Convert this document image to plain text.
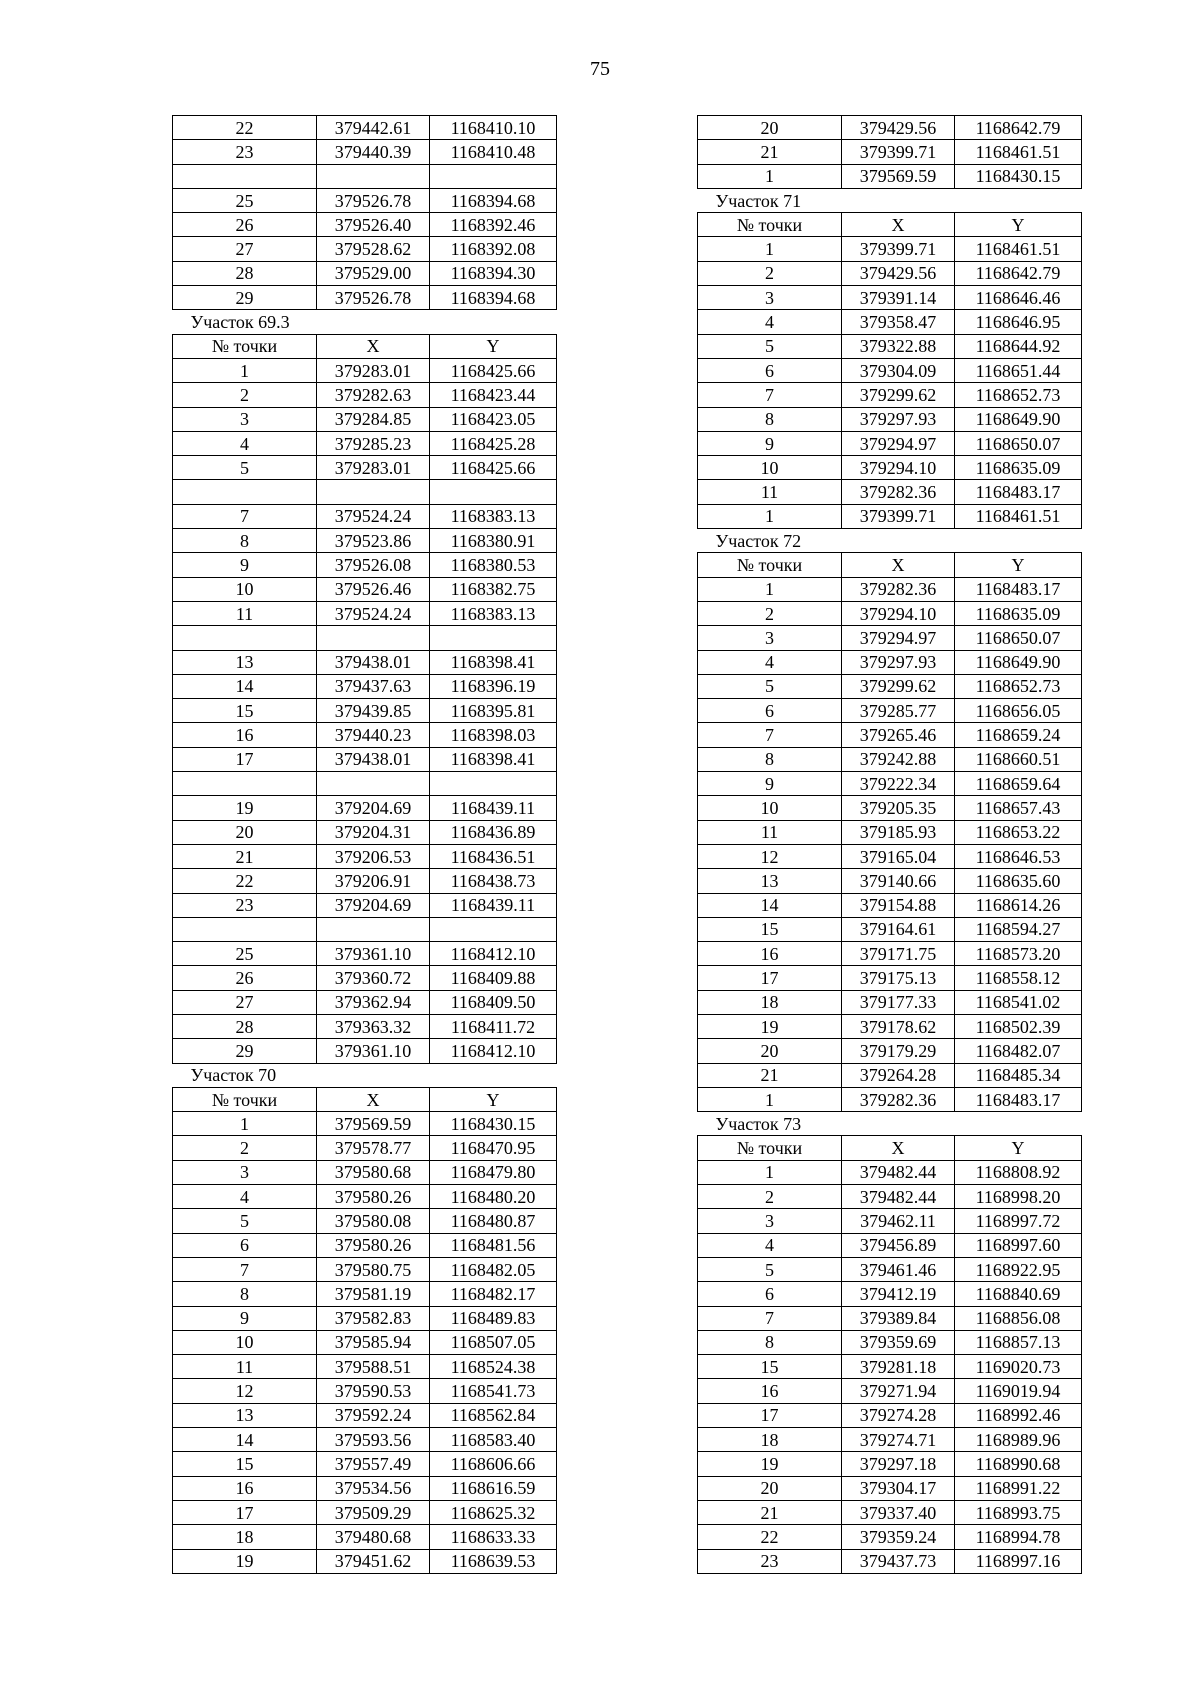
75
22	379442.61	1168410.10
23	379440.39	1168410.48

25	379526.78	1168394.68
26	379526.40	1168392.46
27	379528.62	1168392.08
28	379529.00	1168394.30
29	379526.78	1168394.68
Участок 69.3		
№ точки	X	Y
1	379283.01	1168425.66
2	379282.63	1168423.44
3	379284.85	1168423.05
4	379285.23	1168425.28
5	379283.01	1168425.66

7	379524.24	1168383.13
8	379523.86	1168380.91
9	379526.08	1168380.53
10	379526.46	1168382.75
11	379524.24	1168383.13

13	379438.01	1168398.41
14	379437.63	1168396.19
15	379439.85	1168395.81
16	379440.23	1168398.03
17	379438.01	1168398.41

19	379204.69	1168439.11
20	379204.31	1168436.89
21	379206.53	1168436.51
22	379206.91	1168438.73
23	379204.69	1168439.11

25	379361.10	1168412.10
26	379360.72	1168409.88
27	379362.94	1168409.50
28	379363.32	1168411.72
29	379361.10	1168412.10
Участок 70		
№ точки	X	Y
1	379569.59	1168430.15
2	379578.77	1168470.95
3	379580.68	1168479.80
4	379580.26	1168480.20
5	379580.08	1168480.87
6	379580.26	1168481.56
7	379580.75	1168482.05
8	379581.19	1168482.17
9	379582.83	1168489.83
10	379585.94	1168507.05
11	379588.51	1168524.38
12	379590.53	1168541.73
13	379592.24	1168562.84
14	379593.56	1168583.40
15	379557.49	1168606.66
16	379534.56	1168616.59
17	379509.29	1168625.32
18	379480.68	1168633.33
19	379451.62	1168639.53
20	379429.56	1168642.79
21	379399.71	1168461.51
1	379569.59	1168430.15
Участок 71		
№ точки	X	Y
1	379399.71	1168461.51
2	379429.56	1168642.79
3	379391.14	1168646.46
4	379358.47	1168646.95
5	379322.88	1168644.92
6	379304.09	1168651.44
7	379299.62	1168652.73
8	379297.93	1168649.90
9	379294.97	1168650.07
10	379294.10	1168635.09
11	379282.36	1168483.17
1	379399.71	1168461.51
Участок 72		
№ точки	X	Y
1	379282.36	1168483.17
2	379294.10	1168635.09
3	379294.97	1168650.07
4	379297.93	1168649.90
5	379299.62	1168652.73
6	379285.77	1168656.05
7	379265.46	1168659.24
8	379242.88	1168660.51
9	379222.34	1168659.64
10	379205.35	1168657.43
11	379185.93	1168653.22
12	379165.04	1168646.53
13	379140.66	1168635.60
14	379154.88	1168614.26
15	379164.61	1168594.27
16	379171.75	1168573.20
17	379175.13	1168558.12
18	379177.33	1168541.02
19	379178.62	1168502.39
20	379179.29	1168482.07
21	379264.28	1168485.34
1	379282.36	1168483.17
Участок 73		
№ точки	X	Y
1	379482.44	1168808.92
2	379482.44	1168998.20
3	379462.11	1168997.72
4	379456.89	1168997.60
5	379461.46	1168922.95
6	379412.19	1168840.69
7	379389.84	1168856.08
8	379359.69	1168857.13
15	379281.18	1169020.73
16	379271.94	1169019.94
17	379274.28	1168992.46
18	379274.71	1168989.96
19	379297.18	1168990.68
20	379304.17	1168991.22
21	379337.40	1168993.75
22	379359.24	1168994.78
23	379437.73	1168997.16
